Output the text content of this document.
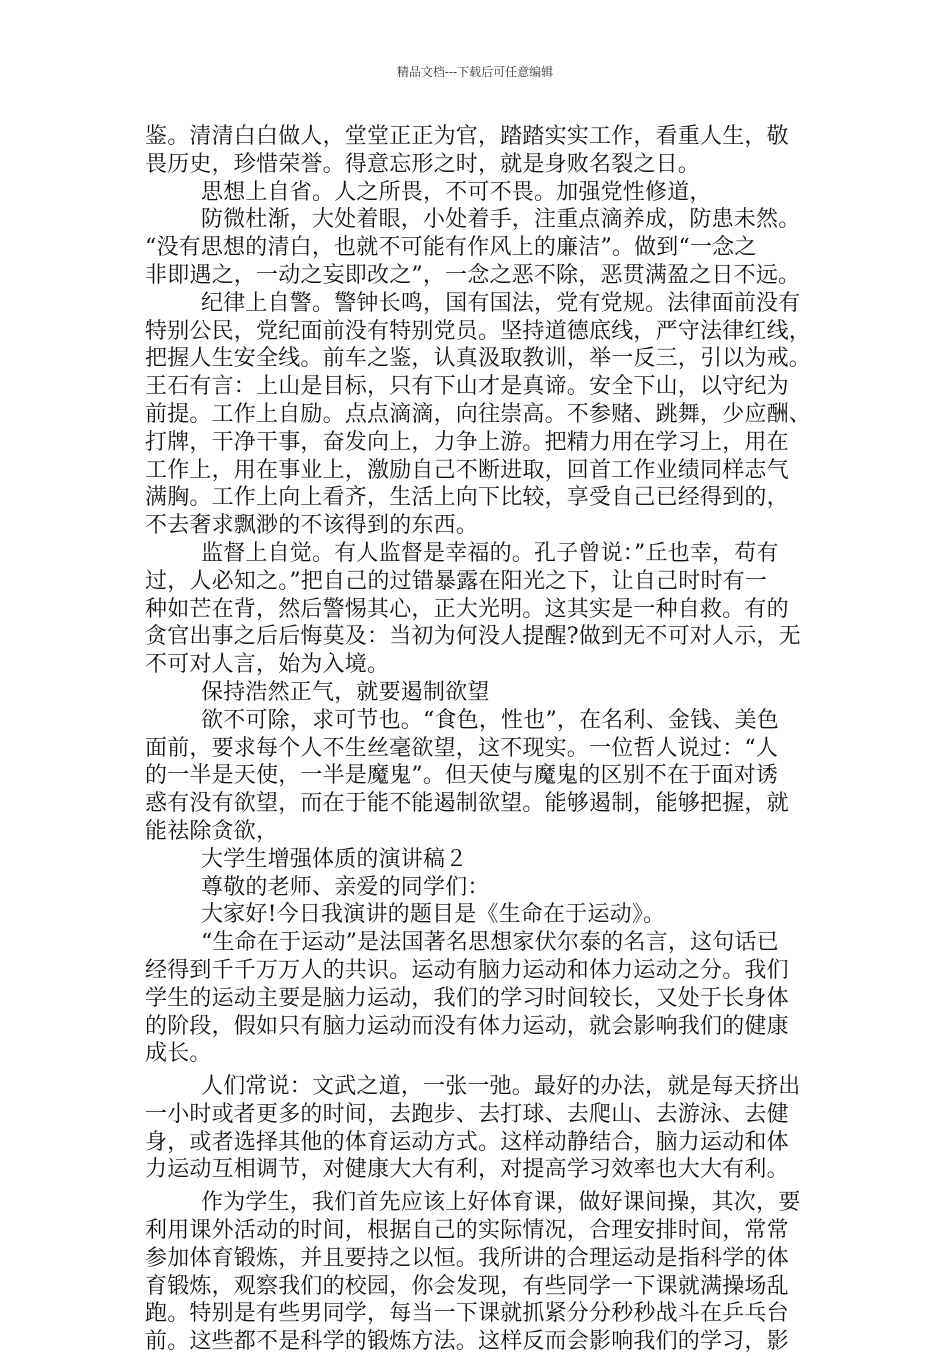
精品文档---下载后可任意编辑
鉴。清清白白做人，堂堂正正为官，踏踏实实工作，看重人生，敬
畏历史，珍惜荣誉。得意忘形之时，就是身败名裂之日。
思想上自省。人之所畏，不可不畏。加强党性修道，
防微杜渐，大处着眼，小处着手，注重点滴养成，防患未然。
“没有思想的清白，也就不可能有作风上的廉洁”。做到“一念之
非即遇之，一动之妄即改之”，一念之恶不除，恶贯满盈之日不远。
纪律上自警。警钟长鸣，国有国法，党有党规。法律面前没有
特别公民，党纪面前没有特别党员。坚持道德底线，严守法律红线，
把握人生安全线。前车之鉴，认真汲取教训，举一反三，引以为戒。
王石有言：上山是目标，只有下山才是真谛。安全下山，以守纪为
前提。工作上自励。点点滴滴，向往崇高。不参赌、跳舞，少应酬、
打牌，干净干事，奋发向上，力争上游。把精力用在学习上，用在
工作上，用在事业上，激励自己不断进取，回首工作业绩同样志气
满胸。工作上向上看齐，生活上向下比较，享受自己已经得到的，
不去奢求飘渺的不该得到的东西。
监督上自觉。有人监督是幸福的。孔子曾说：”丘也幸，苟有
过，人必知之。”把自己的过错暴露在阳光之下，让自己时时有一
种如芒在背，然后警惕其心，正大光明。这其实是一种自救。有的
贪官出事之后后悔莫及：当初为何没人提醒?做到无不可对人示，无
不可对人言，始为入境。
保持浩然正气，就要遏制欲望
欲不可除，求可节也。“食色，性也”，在名利、金钱、美色
面前，要求每个人不生丝毫欲望，这不现实。一位哲人说过：“人
的一半是天使，一半是魔鬼”。但天使与魔鬼的区别不在于面对诱
惑有没有欲望，而在于能不能遏制欲望。能够遏制，能够把握，就
能祛除贪欲，
大学生增强体质的演讲稿２
尊敬的老师、亲爱的同学们：
大家好!今日我演讲的题目是《生命在于运动》。
“生命在于运动”是法国著名思想家伏尔泰的名言，这句话已
经得到千千万万人的共识。运动有脑力运动和体力运动之分。我们
学生的运动主要是脑力运动，我们的学习时间较长，又处于长身体
的阶段，假如只有脑力运动而没有体力运动，就会影响我们的健康
成长。
人们常说：文武之道，一张一弛。最好的办法，就是每天挤出
一小时或者更多的时间，去跑步、去打球、去爬山、去游泳、去健
身，或者选择其他的体育运动方式。这样动静结合，脑力运动和体
力运动互相调节，对健康大大有利，对提高学习效率也大大有利。
作为学生，我们首先应该上好体育课，做好课间操，其次，要
利用课外活动的时间，根据自己的实际情况，合理安排时间，常常
参加体育锻炼，并且要持之以恒。我所讲的合理运动是指科学的体
育锻炼，观察我们的校园，你会发现，有些同学一下课就满操场乱
跑。特别是有些男同学，每当一下课就抓紧分分秒秒战斗在乒乓台
前。这些都不是科学的锻炼方法。这样反而会影响我们的学习，影
